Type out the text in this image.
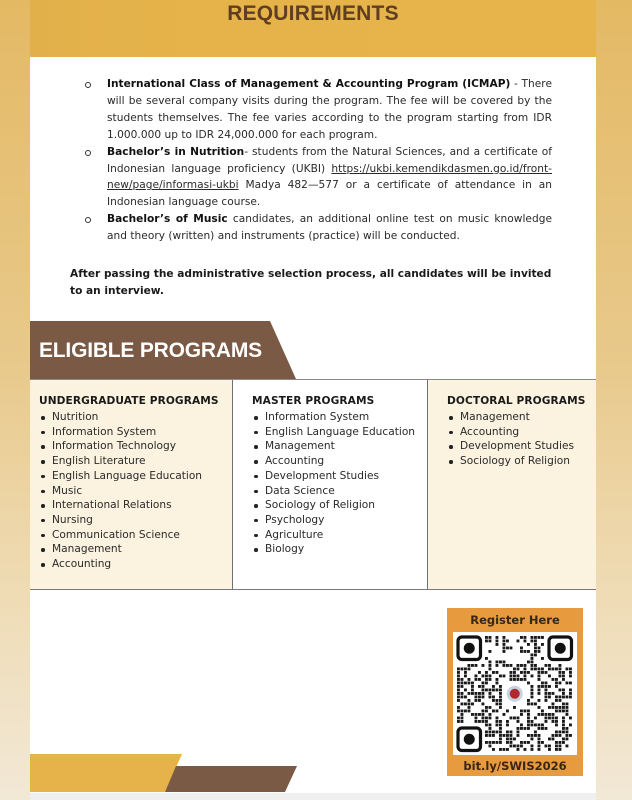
REQUIREMENTS
International Class of Management & Accounting Program (ICMAP) - There will be several company visits during the program. The fee will be covered by the students themselves. The fee varies according to the program starting from IDR 1.000.000 up to IDR 24,000.000 for each program.
Bachelor’s in Nutrition- students from the Natural Sciences, and a certificate of Indonesian language proficiency (UKBI) https://ukbi.kemendikdasmen.go.id/front-new/page/informasi-ukbi Madya 482—577 or a certificate of attendance in an Indonesian language course.
Bachelor’s of Music candidates, an additional online test on music knowledge and theory (written) and instruments (practice) will be conducted.
After passing the administrative selection process, all candidates will be invited to an interview.
ELIGIBLE PROGRAMS
UNDERGRADUATE PROGRAMS
Nutrition
Information System
Information Technology
English Literature
English Language Education
Music
International Relations
Nursing
Communication Science
Management
Accounting
MASTER PROGRAMS
Information System
English Language Education
Management
Accounting
Development Studies
Data Science
Sociology of Religion
Psychology
Agriculture
Biology
DOCTORAL PROGRAMS
Management
Accounting
Development Studies
Sociology of Religion
Register Here
bit.ly/SWIS2026
